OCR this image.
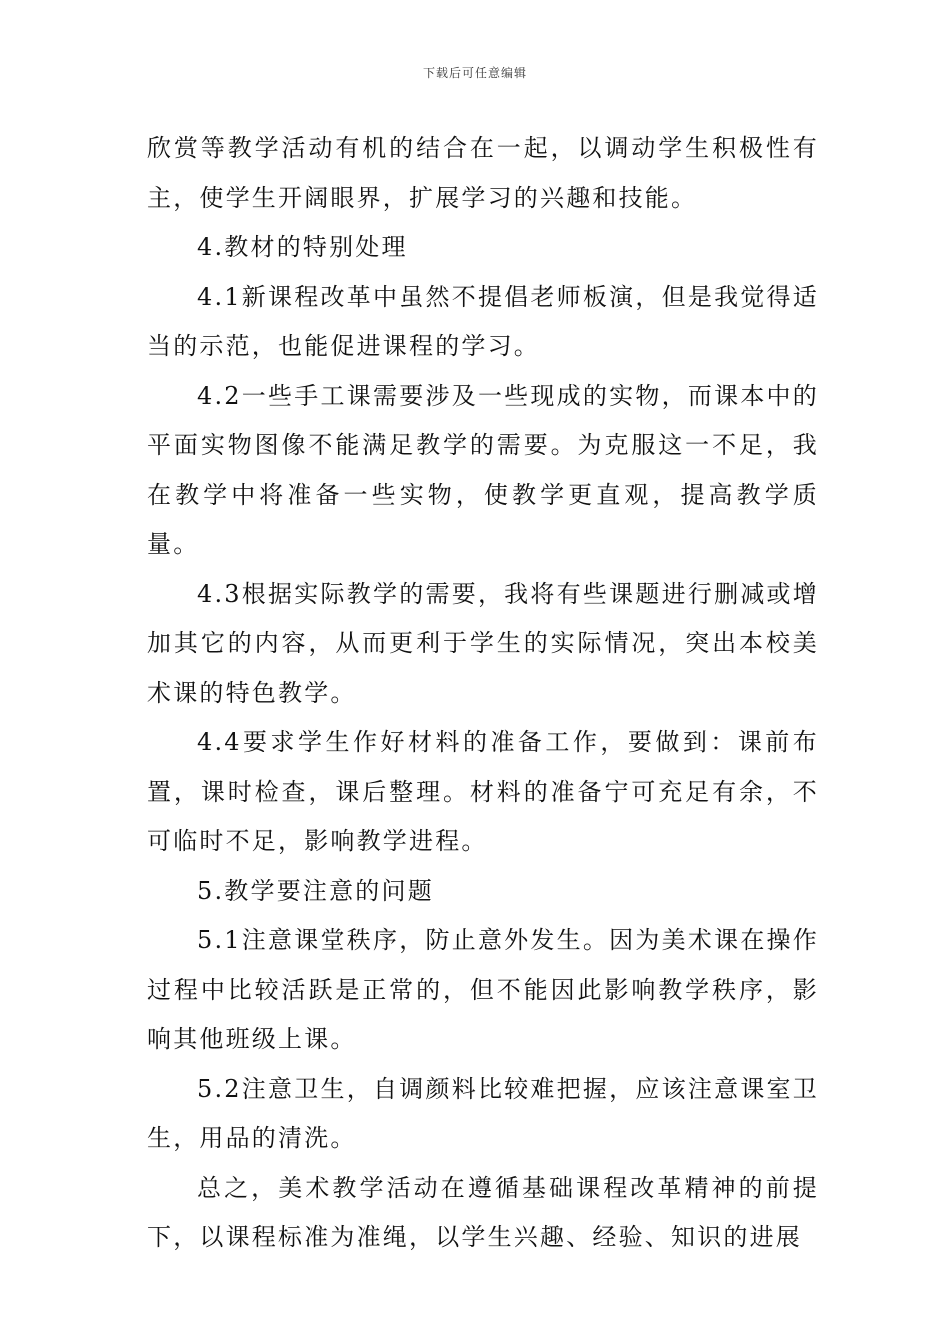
下载后可任意编辑

欣赏等教学活动有机的结合在一起，以调动学生积极性有主，使学生开阔眼界，扩展学习的兴趣和技能。

4.教材的特别处理

4.1新课程改革中虽然不提倡老师板演，但是我觉得适当的示范，也能促进课程的学习。

4.2一些手工课需要涉及一些现成的实物，而课本中的平面实物图像不能满足教学的需要。为克服这一不足，我在教学中将准备一些实物，使教学更直观，提高教学质量。

4.3根据实际教学的需要，我将有些课题进行删减或增加其它的内容，从而更利于学生的实际情况，突出本校美术课的特色教学。

4.4要求学生作好材料的准备工作，要做到：课前布置，课时检查，课后整理。材料的准备宁可充足有余，不可临时不足，影响教学进程。

5.教学要注意的问题

5.1注意课堂秩序，防止意外发生。因为美术课在操作过程中比较活跃是正常的，但不能因此影响教学秩序，影响其他班级上课。

5.2注意卫生，自调颜料比较难把握，应该注意课室卫生，用品的清洗。

总之，美术教学活动在遵循基础课程改革精神的前提下，以课程标准为准绳，以学生兴趣、经验、知识的进展
